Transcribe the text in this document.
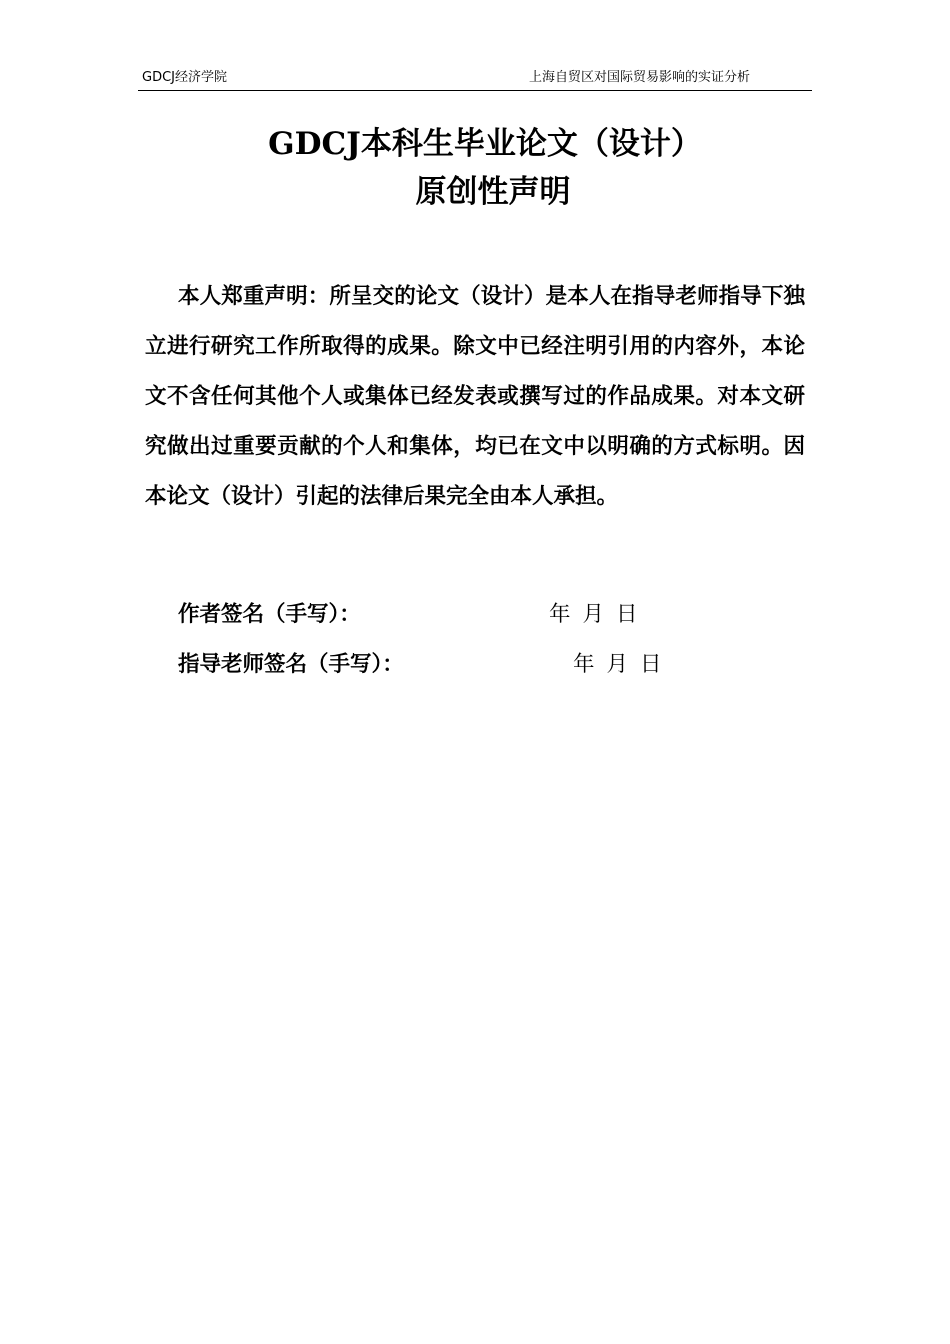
GDCJ经济学院	上海自贸区对国际贸易影响的实证分析
GDCJ本科生毕业论文（设计）
原创性声明

本人郑重声明：所呈交的论文（设计）是本人在指导老师指导下独立进行研究工作所取得的成果。除文中已经注明引用的内容外，本论文不含任何其他个人或集体已经发表或撰写过的作品成果。对本文研究做出过重要贡献的个人和集体，均已在文中以明确的方式标明。因本论文（设计）引起的法律后果完全由本人承担。

作者签名（手写）：	年 月 日
指导老师签名（手写）：	年 月 日
